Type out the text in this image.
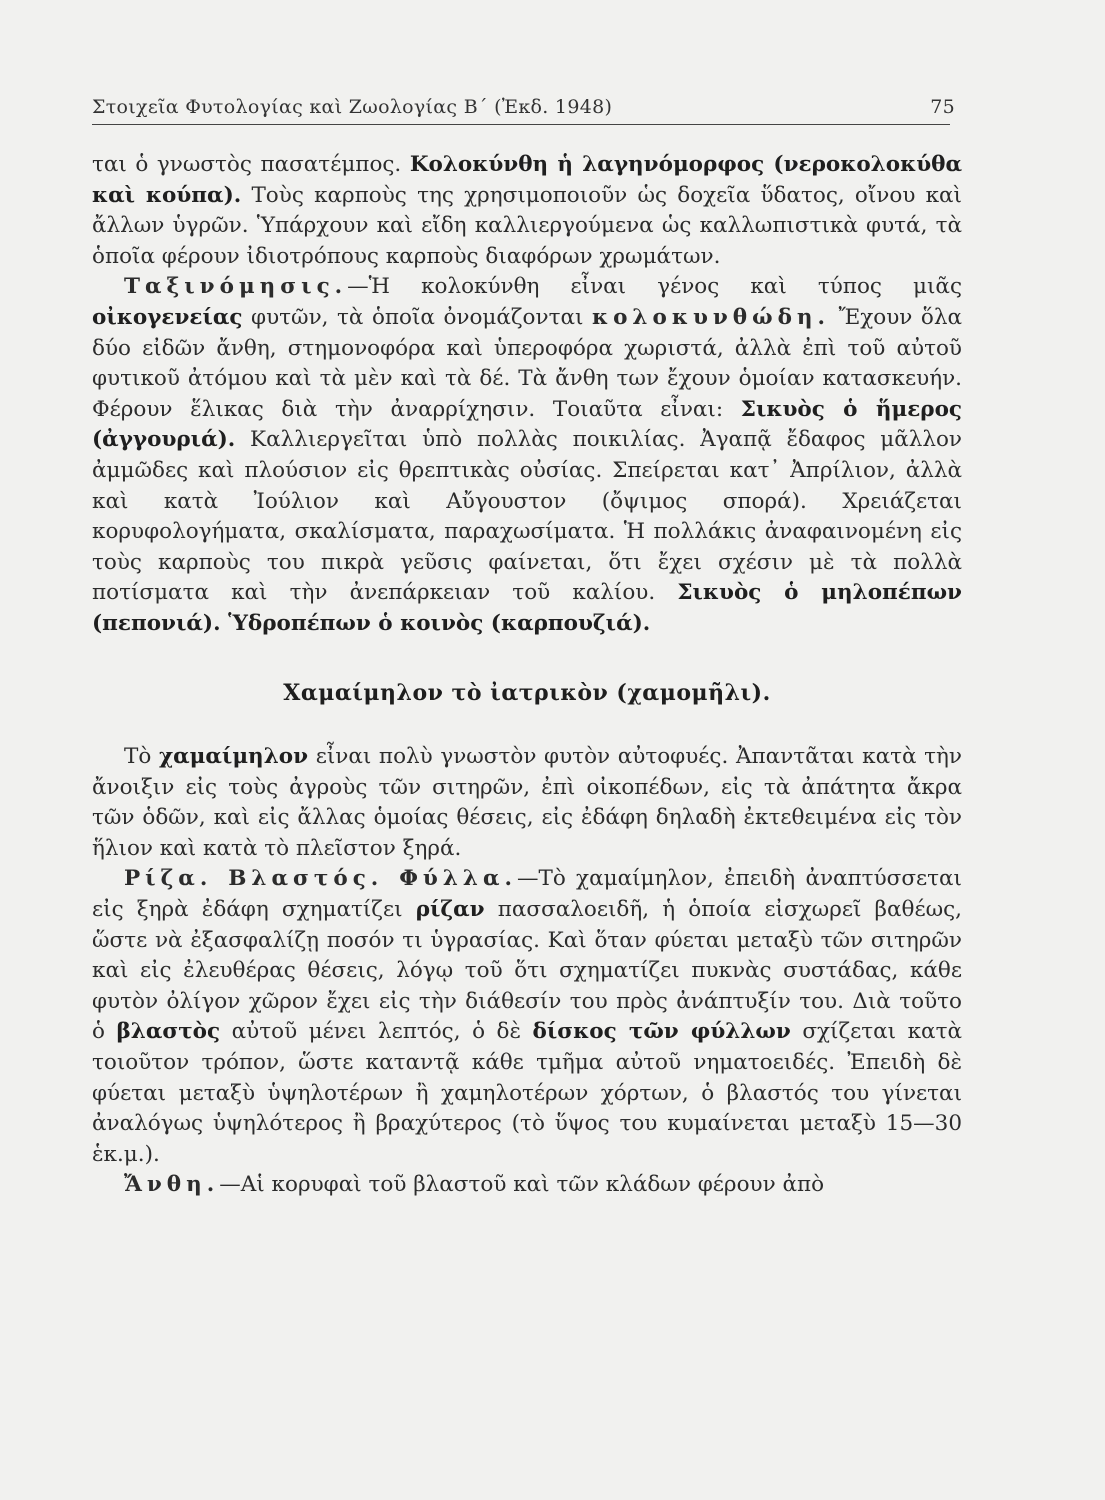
Στοιχεῖα Φυτολογίας καὶ Ζωολογίας Β΄ (Ἐκδ. 1948)	75

ται ὁ γνωστὸς πασατέμπος. Κολοκύνθη ἡ λαγηνόμορφος (νεροκολοκύθα καὶ κούπα). Τοὺς καρποὺς της χρησιμοποιοῦν ὡς δοχεῖα ὕδατος, οἴνου καὶ ἄλλων ὑγρῶν. Ὑπάρχουν καὶ εἴδη καλλιεργούμενα ὡς καλλωπιστικὰ φυτά, τὰ ὁποῖα φέρουν ἰδιοτρόπους καρποὺς διαφόρων χρωμάτων.

Ταξινόμησις.—Ἡ κολοκύνθη εἶναι γένος καὶ τύπος μιᾶς οἰκογενείας φυτῶν, τὰ ὁποῖα ὀνομάζονται κολοκυνθώδη. Ἔχουν ὅλα δύο εἰδῶν ἄνθη, στημονοφόρα καὶ ὑπεροφόρα χωριστά, ἀλλὰ ἐπὶ τοῦ αὐτοῦ φυτικοῦ ἀτόμου καὶ τὰ μὲν καὶ τὰ δέ. Τὰ ἄνθη των ἔχουν ὁμοίαν κατασκευήν. Φέρουν ἕλικας διὰ τὴν ἀναρρίχησιν. Τοιαῦτα εἶναι: Σικυὸς ὁ ἥμερος (ἀγγουριά). Καλλιεργεῖται ὑπὸ πολλὰς ποικιλίας. Ἀγαπᾷ ἔδαφος μᾶλλον ἀμμῶδες καὶ πλούσιον εἰς θρεπτικὰς οὐσίας. Σπείρεται κατ᾿ Ἀπρίλιον, ἀλλὰ καὶ κατὰ Ἰούλιον καὶ Αὔγουστον (ὄψιμος σπορά). Χρειάζεται κορυφολογήματα, σκαλίσματα, παραχωσίματα. Ἡ πολλάκις ἀναφαινομένη εἰς τοὺς καρποὺς του πικρὰ γεῦσις φαίνεται, ὅτι ἔχει σχέσιν μὲ τὰ πολλὰ ποτίσματα καὶ τὴν ἀνεπάρκειαν τοῦ καλίου. Σικυὸς ὁ μηλοπέπων (πεπονιά). Ὑδροπέπων ὁ κοινὸς (καρπουζιά).

Χαμαίμηλον τὸ ἰατρικὸν (χαμομῆλι).

Τὸ χαμαίμηλον εἶναι πολὺ γνωστὸν φυτὸν αὐτοφυές. Ἀπαντᾶται κατὰ τὴν ἄνοιξιν εἰς τοὺς ἀγροὺς τῶν σιτηρῶν, ἐπὶ οἰκοπέδων, εἰς τὰ ἀπάτητα ἄκρα τῶν ὁδῶν, καὶ εἰς ἄλλας ὁμοίας θέσεις, εἰς ἐδάφη δηλαδὴ ἐκτεθειμένα εἰς τὸν ἥλιον καὶ κατὰ τὸ πλεῖστον ξηρά.

Ρίζα. Βλαστός. Φύλλα.—Τὸ χαμαίμηλον, ἐπειδὴ ἀναπτύσσεται εἰς ξηρὰ ἐδάφη σχηματίζει ρίζαν πασσαλοειδῆ, ἡ ὁποία εἰσχωρεῖ βαθέως, ὥστε νὰ ἐξασφαλίζῃ ποσόν τι ὑγρασίας. Καὶ ὅταν φύεται μεταξὺ τῶν σιτηρῶν καὶ εἰς ἐλευθέρας θέσεις, λόγῳ τοῦ ὅτι σχηματίζει πυκνὰς συστάδας, κάθε φυτὸν ὀλίγον χῶρον ἔχει εἰς τὴν διάθεσίν του πρὸς ἀνάπτυξίν του. Διὰ τοῦτο ὁ βλαστὸς αὐτοῦ μένει λεπτός, ὁ δὲ δίσκος τῶν φύλλων σχίζεται κατὰ τοιοῦτον τρόπον, ὥστε καταντᾷ κάθε τμῆμα αὐτοῦ νηματοειδές. Ἐπειδὴ δὲ φύεται μεταξὺ ὑψηλοτέρων ἢ χαμηλοτέρων χόρτων, ὁ βλαστός του γίνεται ἀναλόγως ὑψηλότερος ἢ βραχύτερος (τὸ ὕψος του κυμαίνεται μεταξὺ 15—30 ἑκ.μ.).

Ἄνθη.—Αἱ κορυφαὶ τοῦ βλαστοῦ καὶ τῶν κλάδων φέρουν ἀπὸ
